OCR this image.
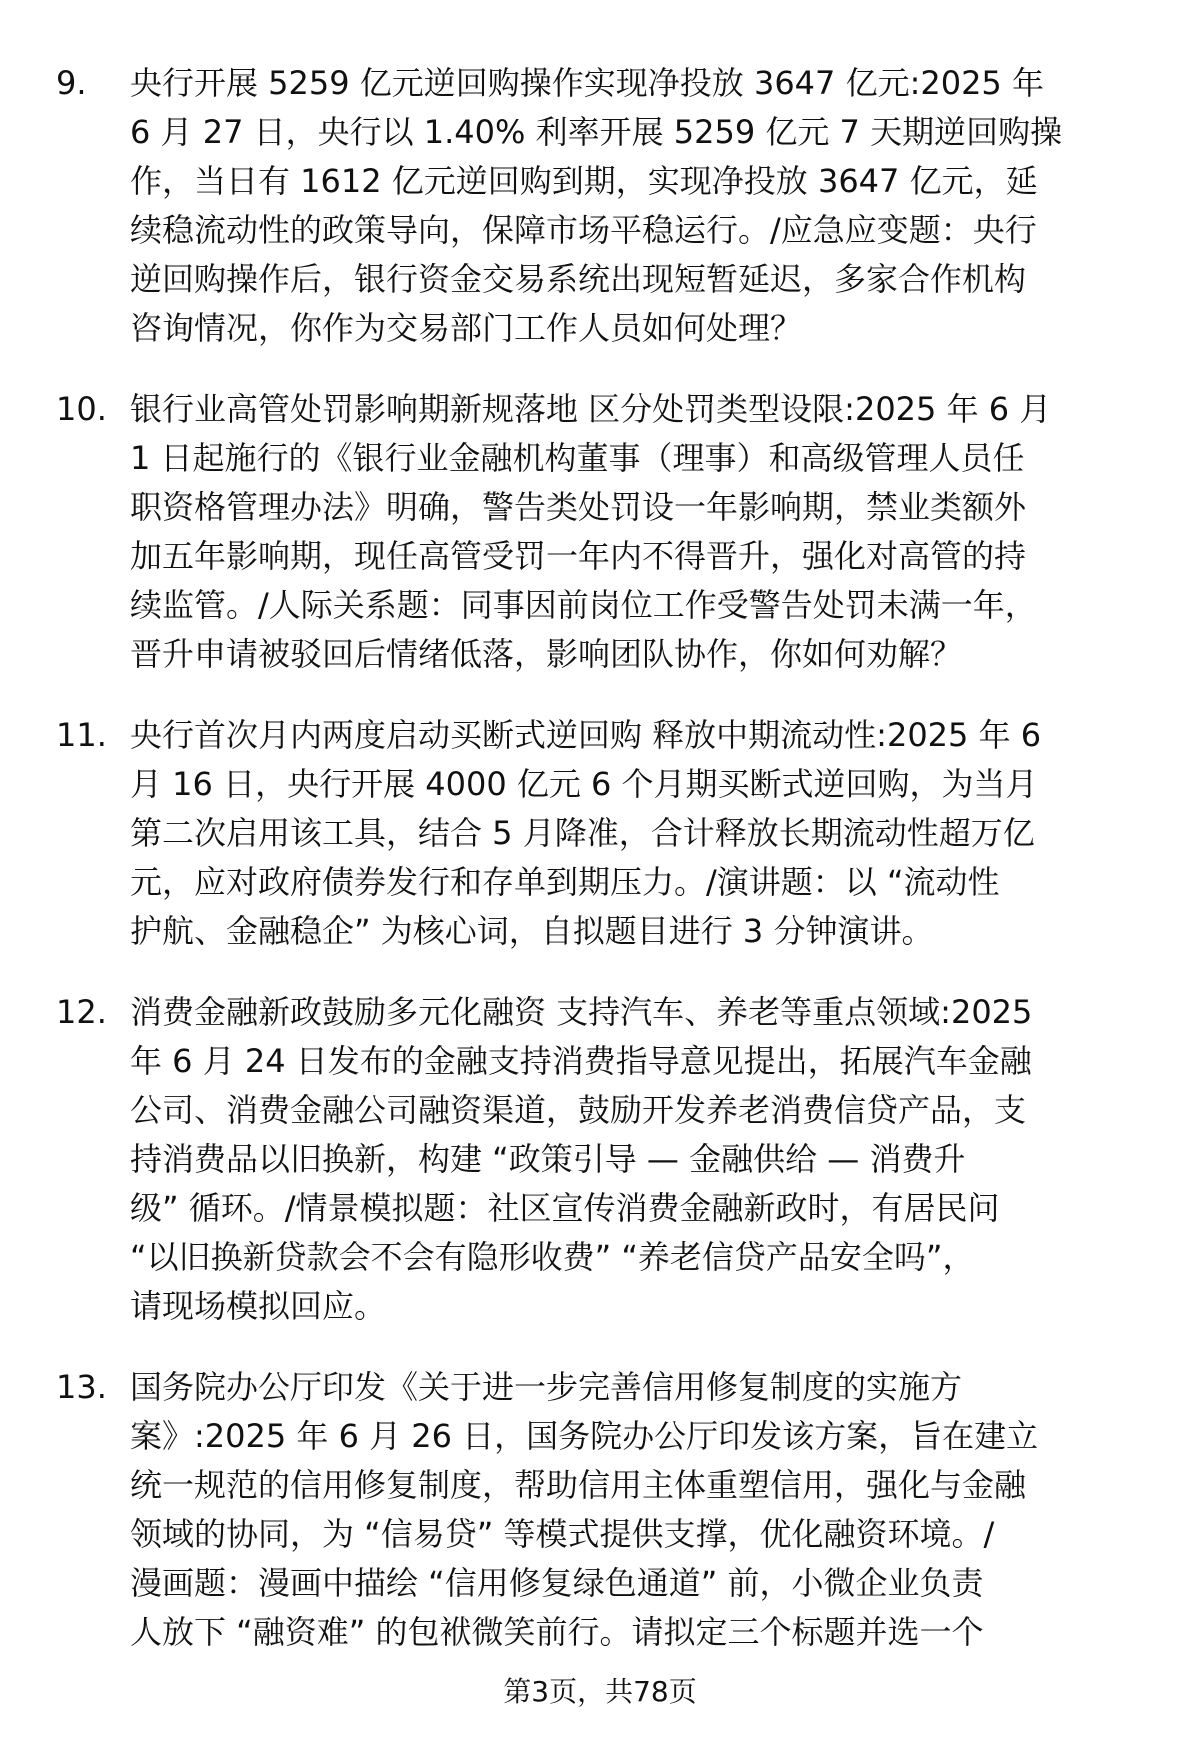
9.	央行开展 5259 亿元逆回购操作实现净投放 3647 亿元:2025 年
6 月 27 日，央行以 1.40% 利率开展 5259 亿元 7 天期逆回购操
作，当日有 1612 亿元逆回购到期，实现净投放 3647 亿元，延
续稳流动性的政策导向，保障市场平稳运行。/应急应变题：央行
逆回购操作后，银行资金交易系统出现短暂延迟，多家合作机构
咨询情况，你作为交易部门工作人员如何处理？
10. 银行业高管处罚影响期新规落地 区分处罚类型设限:2025 年 6 月
1 日起施行的《银行业金融机构董事（理事）和高级管理人员任
职资格管理办法》明确，警告类处罚设一年影响期，禁业类额外
加五年影响期，现任高管受罚一年内不得晋升，强化对高管的持
续监管。/人际关系题：同事因前岗位工作受警告处罚未满一年，
晋升申请被驳回后情绪低落，影响团队协作，你如何劝解？
11. 央行首次月内两度启动买断式逆回购 释放中期流动性:2025 年 6
月 16 日，央行开展 4000 亿元 6 个月期买断式逆回购，为当月
第二次启用该工具，结合 5 月降准，合计释放长期流动性超万亿
元，应对政府债券发行和存单到期压力。/演讲题：以 “流动性
护航、金融稳企” 为核心词，自拟题目进行 3 分钟演讲。
12. 消费金融新政鼓励多元化融资 支持汽车、养老等重点领域:2025
年 6 月 24 日发布的金融支持消费指导意见提出，拓展汽车金融
公司、消费金融公司融资渠道，鼓励开发养老消费信贷产品，支
持消费品以旧换新，构建 “政策引导 — 金融供给 — 消费升
级” 循环。/情景模拟题：社区宣传消费金融新政时，有居民问
“以旧换新贷款会不会有隐形收费” “养老信贷产品安全吗”，
请现场模拟回应。
13. 国务院办公厅印发《关于进一步完善信用修复制度的实施方
案》:2025 年 6 月 26 日，国务院办公厅印发该方案，旨在建立
统一规范的信用修复制度，帮助信用主体重塑信用，强化与金融
领域的协同，为 “信易贷” 等模式提供支撑，优化融资环境。/
漫画题：漫画中描绘 “信用修复绿色通道” 前，小微企业负责
人放下 “融资难” 的包袱微笑前行。请拟定三个标题并选一个
第3页，共78页
